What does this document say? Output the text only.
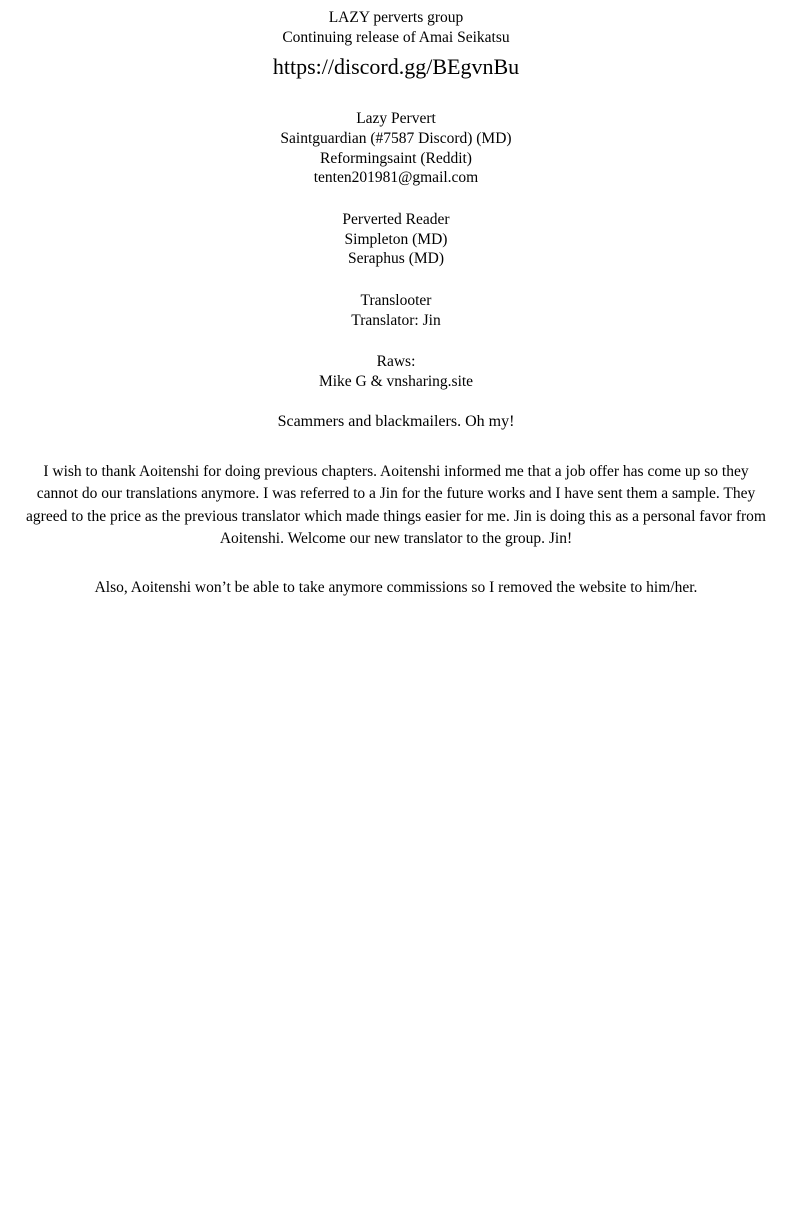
LAZY perverts group
Continuing release of Amai Seikatsu
https://discord.gg/BEgvnBu
Lazy Pervert
Saintguardian (#7587 Discord) (MD)
Reformingsaint (Reddit)
tenten201981@gmail.com
Perverted Reader
Simpleton (MD)
Seraphus (MD)
Translooter
Translator: Jin
Raws:
Mike G & vnsharing.site
Scammers and blackmailers. Oh my!
I wish to thank Aoitenshi for doing previous chapters. Aoitenshi informed me that a job offer has come up so they cannot do our translations anymore. I was referred to a Jin for the future works and I have sent them a sample. They agreed to the price as the previous translator which made things easier for me. Jin is doing this as a personal favor from Aoitenshi. Welcome our new translator to the group. Jin!
Also, Aoitenshi won’t be able to take anymore commissions so I removed the website to him/her.
